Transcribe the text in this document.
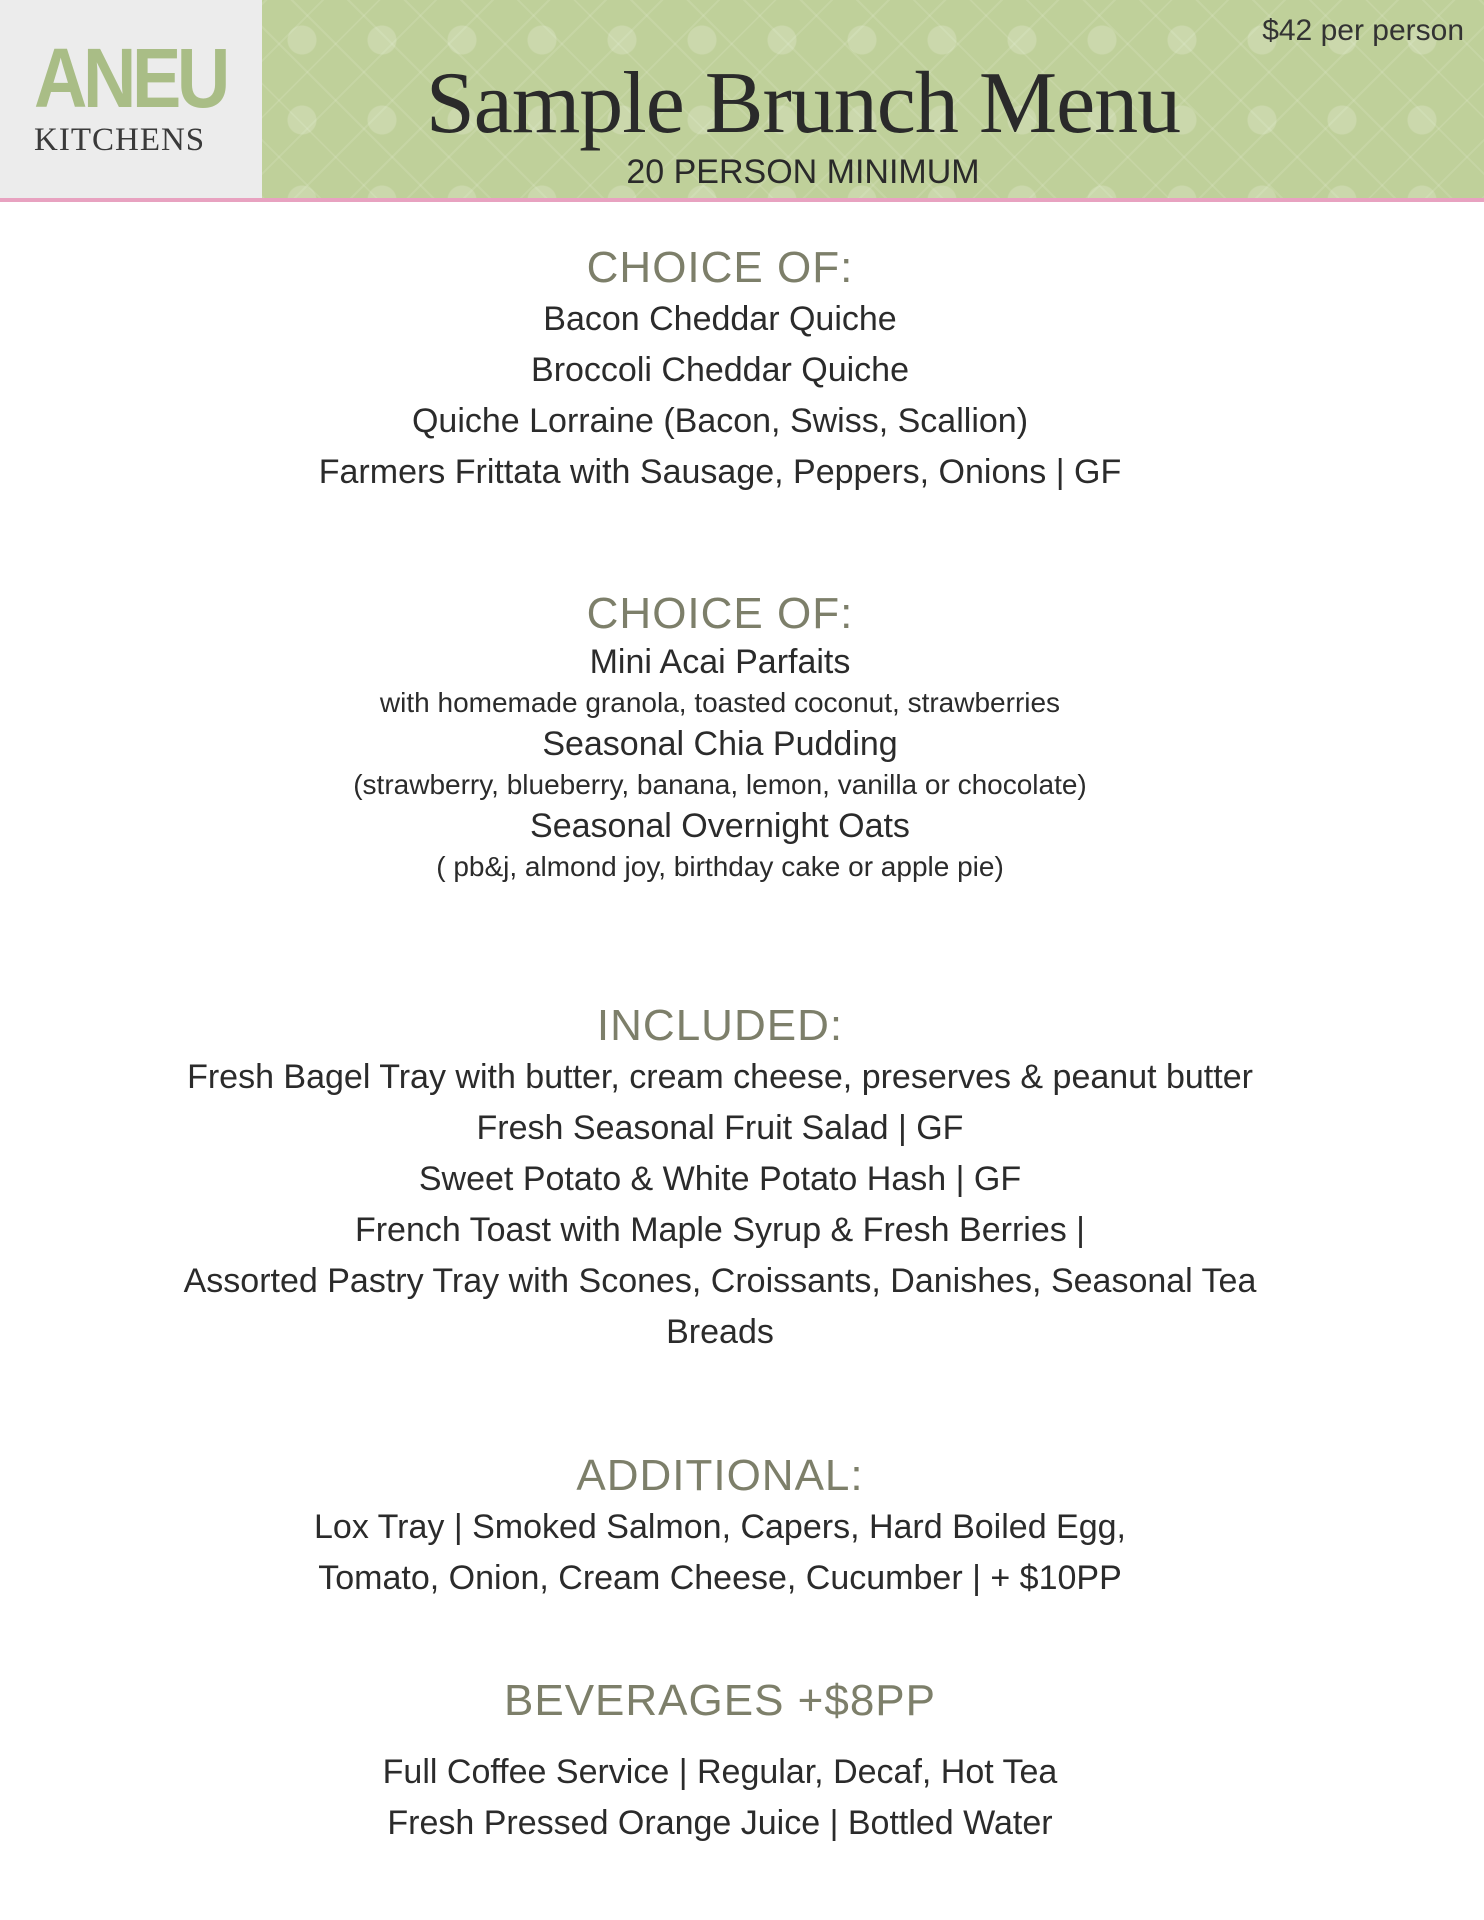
ANEU
KITCHENS
$42 per person
Sample Brunch Menu
20 PERSON MINIMUM

CHOICE OF:

Bacon Cheddar Quiche

Broccoli Cheddar Quiche

Quiche Lorraine (Bacon, Swiss, Scallion)

Farmers Frittata with Sausage, Peppers, Onions | GF

CHOICE OF:

Mini Acai Parfaits

with homemade granola, toasted coconut, strawberries

Seasonal Chia Pudding

(strawberry, blueberry, banana, lemon, vanilla or chocolate)

Seasonal Overnight Oats

( pb&j, almond joy, birthday cake or apple pie)

INCLUDED:

Fresh Bagel Tray with butter, cream cheese, preserves & peanut butter

Fresh Seasonal Fruit Salad | GF

Sweet Potato & White Potato Hash | GF

French Toast with Maple Syrup & Fresh Berries |

Assorted Pastry Tray with Scones, Croissants, Danishes, Seasonal Tea

Breads

ADDITIONAL:

Lox Tray | Smoked Salmon, Capers, Hard Boiled Egg,

Tomato, Onion, Cream Cheese, Cucumber | + $10PP

BEVERAGES +$8PP

Full Coffee Service | Regular, Decaf, Hot Tea

Fresh Pressed Orange Juice | Bottled Water
